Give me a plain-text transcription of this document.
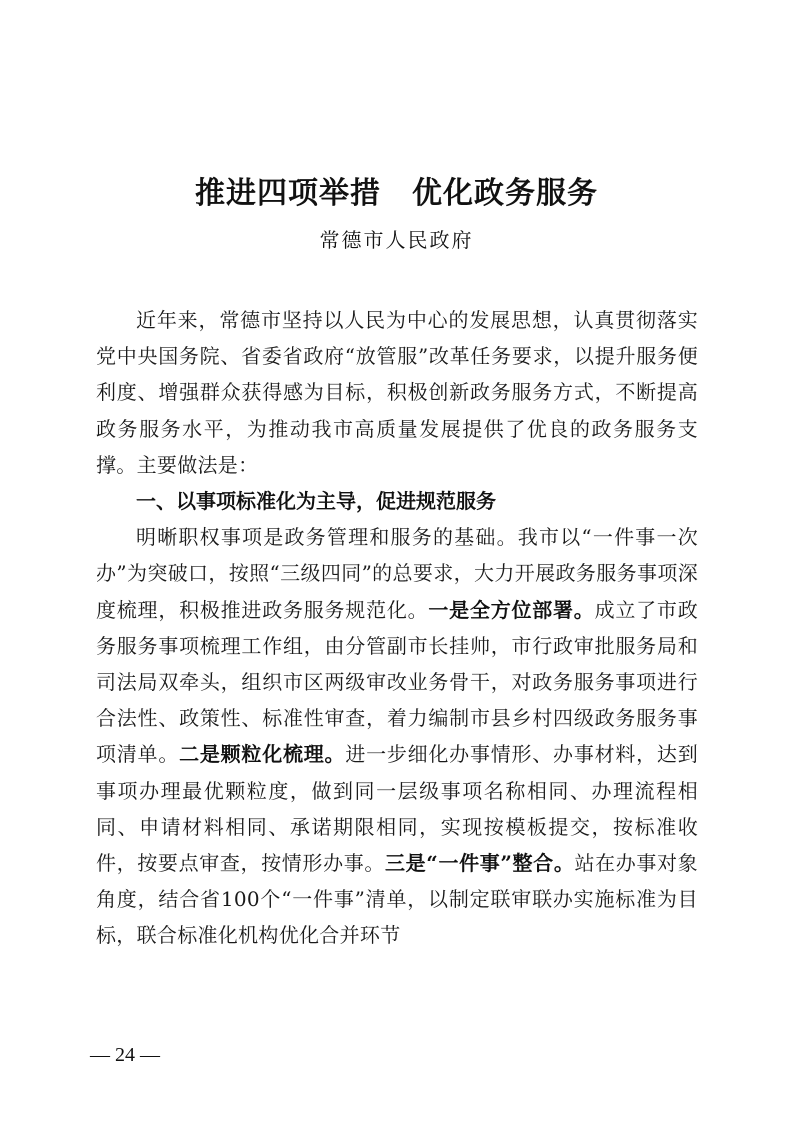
推进四项举措　优化政务服务
常德市人民政府

近年来，常德市坚持以人民为中心的发展思想，认真贯彻落实党中央国务院、省委省政府“放管服”改革任务要求，以提升服务便利度、增强群众获得感为目标，积极创新政务服务方式，不断提高政务服务水平，为推动我市高质量发展提供了优良的政务服务支撑。主要做法是：

一、以事项标准化为主导，促进规范服务

明晰职权事项是政务管理和服务的基础。我市以“一件事一次办”为突破口，按照“三级四同”的总要求，大力开展政务服务事项深度梳理，积极推进政务服务规范化。一是全方位部署。成立了市政务服务事项梳理工作组，由分管副市长挂帅，市行政审批服务局和司法局双牵头，组织市区两级审改业务骨干，对政务服务事项进行合法性、政策性、标准性审查，着力编制市县乡村四级政务服务事项清单。二是颗粒化梳理。进一步细化办事情形、办事材料，达到事项办理最优颗粒度，做到同一层级事项名称相同、办理流程相同、申请材料相同、承诺期限相同，实现按模板提交，按标准收件，按要点审查，按情形办事。三是“一件事”整合。站在办事对象角度，结合省100个“一件事”清单，以制定联审联办实施标准为目标，联合标准化机构优化合并环节

— 24 —
